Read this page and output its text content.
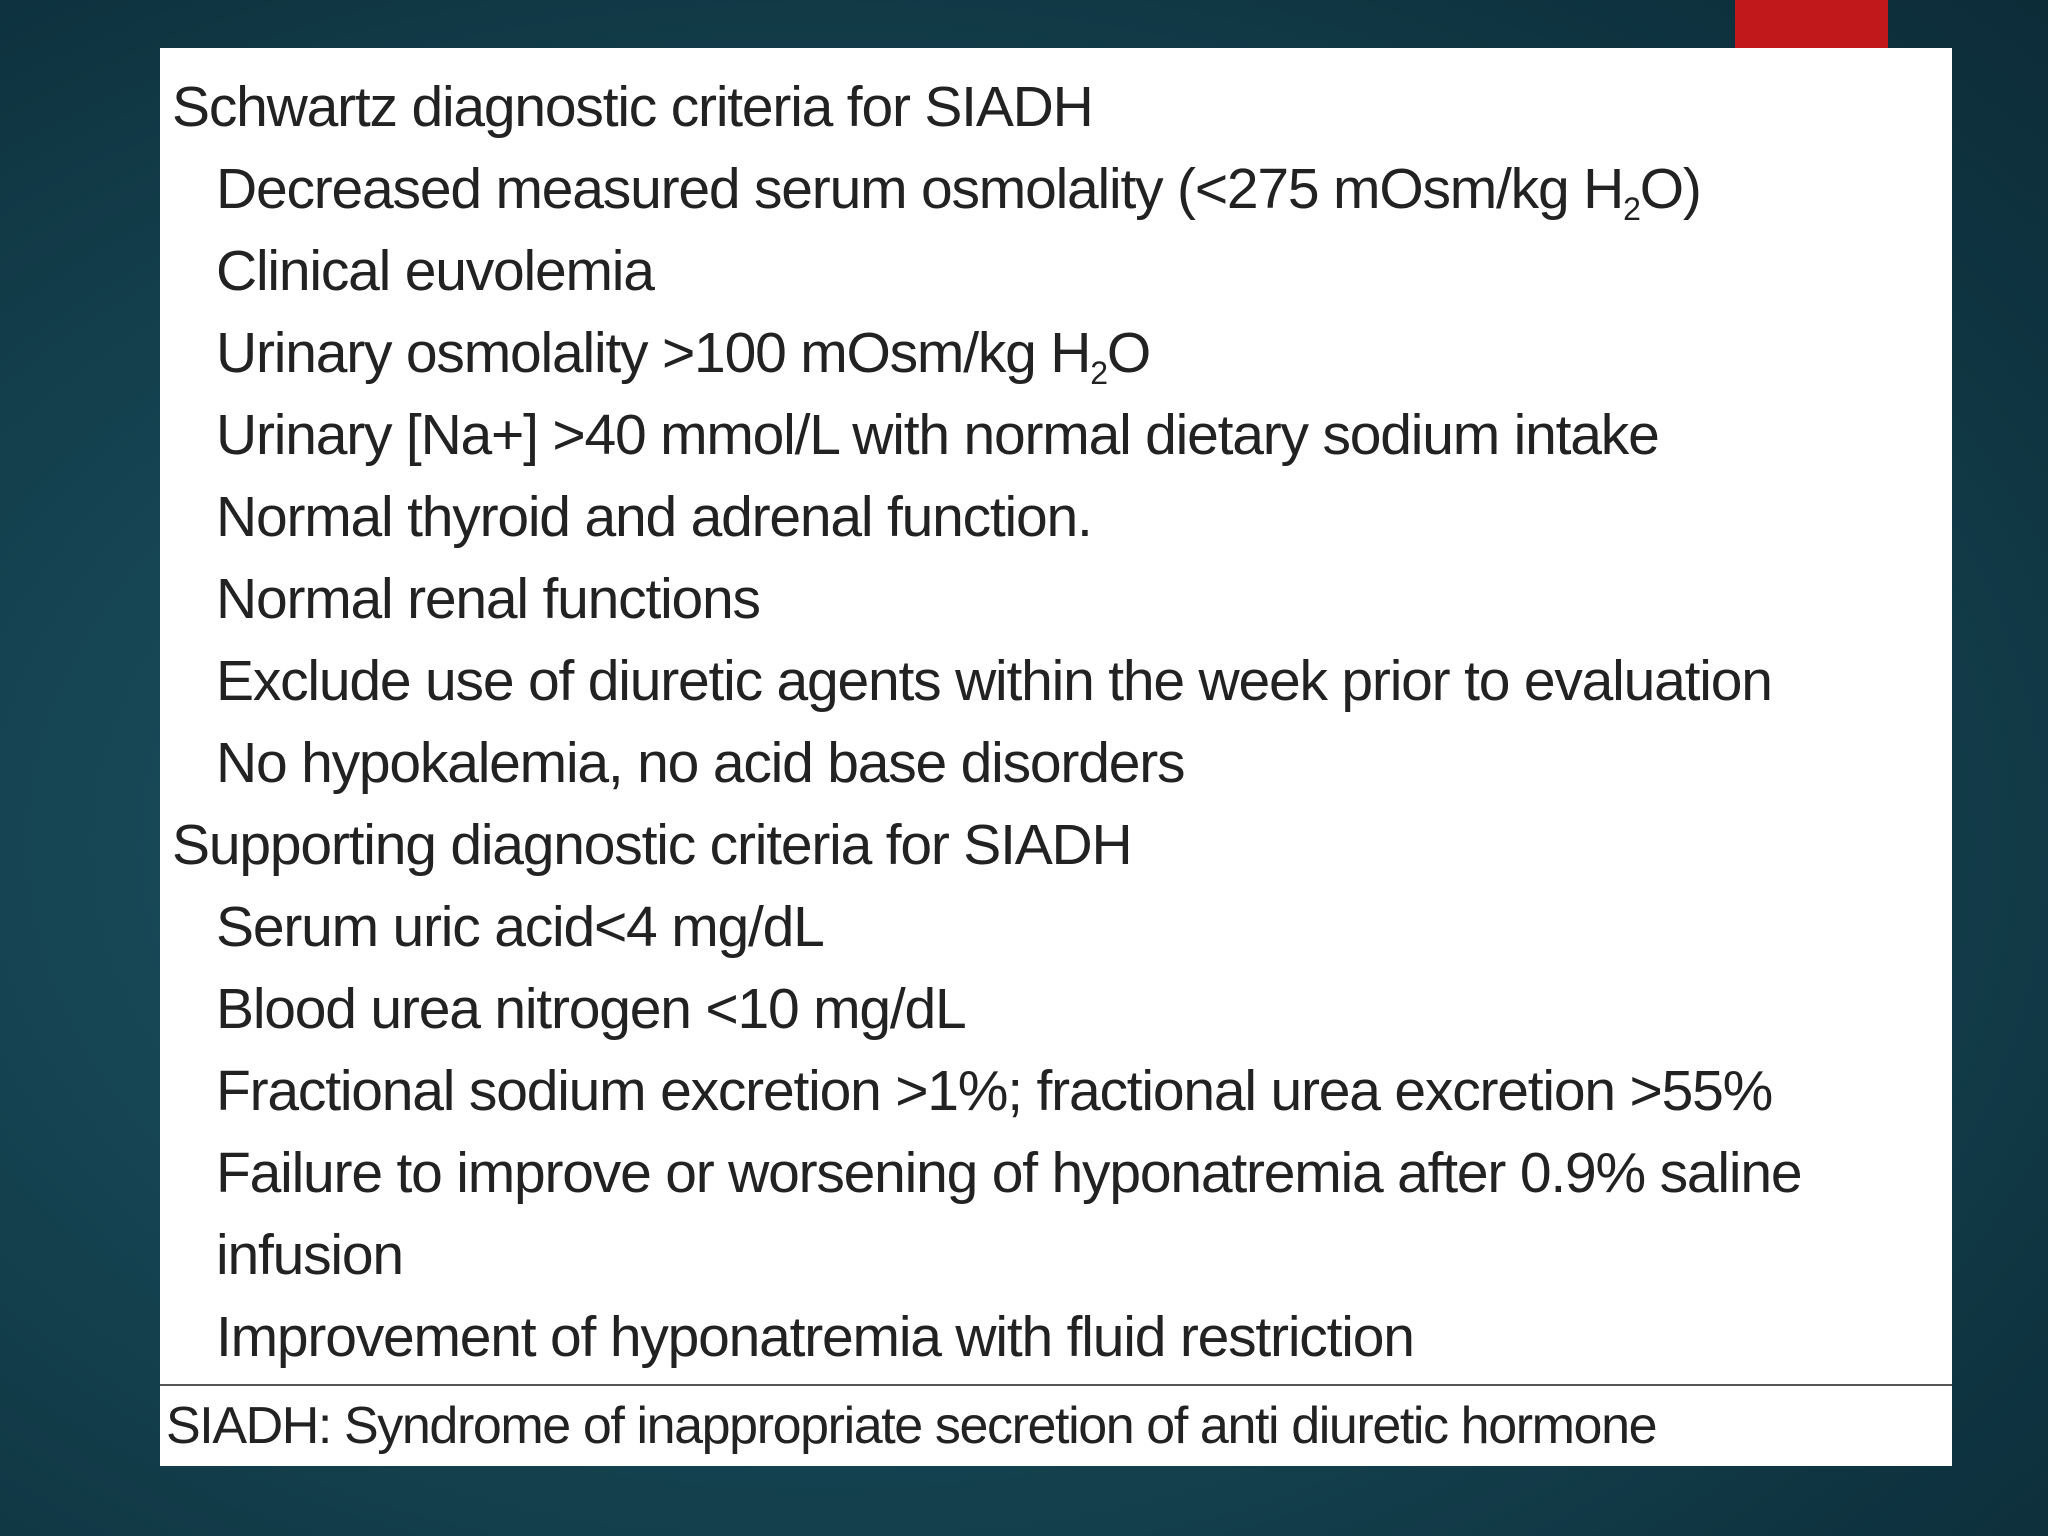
Schwartz diagnostic criteria for SIADH
Decreased measured serum osmolality (<275 mOsm/kg $H_2O$)
Clinical euvolemia
Urinary osmolality >100 mOsm/kg $H_2O$
Urinary [Na+] >40 mmol/L with normal dietary sodium intake
Normal thyroid and adrenal function.
Normal renal functions
Exclude use of diuretic agents within the week prior to evaluation
No hypokalemia, no acid base disorders
Supporting diagnostic criteria for SIADH
Serum uric acid<4 mg/dL
Blood urea nitrogen <10 mg/dL
Fractional sodium excretion >1%; fractional urea excretion >55%
Failure to improve or worsening of hyponatremia after 0.9% saline infusion
Improvement of hyponatremia with fluid restriction
SIADH: Syndrome of inappropriate secretion of anti diuretic hormone
